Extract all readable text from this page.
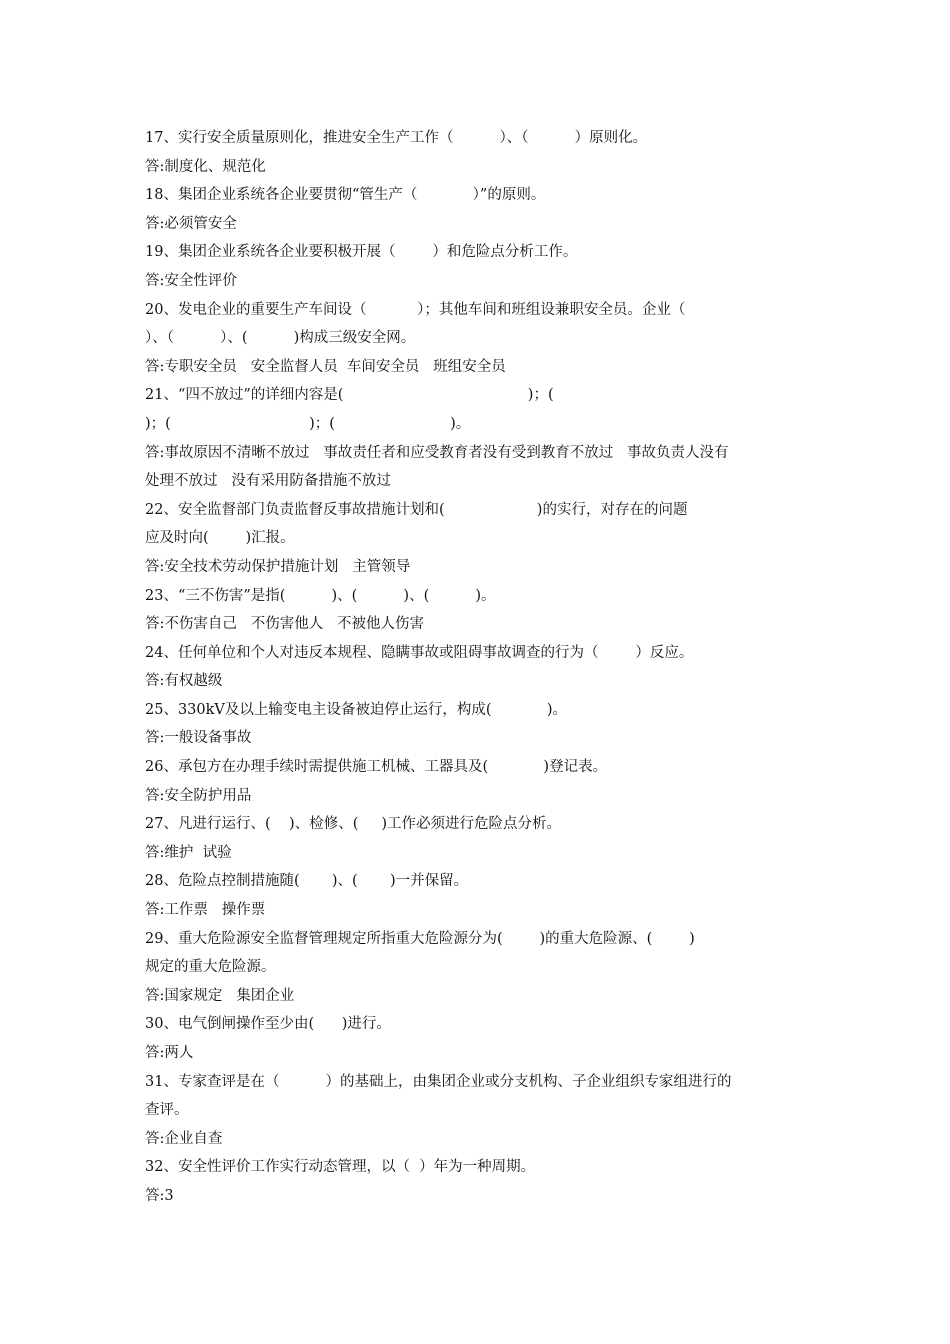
17、实行安全质量原则化，推进安全生产工作（          ）、（          ）原则化。
答:制度化、规范化
18、集团企业系统各企业要贯彻“管生产（            ）”的原则。
答:必须管安全
19、集团企业系统各企业要积极开展（        ）和危险点分析工作。
答:安全性评价
20、发电企业的重要生产车间设（           ）；其他车间和班组设兼职安全员。企业（
）、（          ）、(          )构成三级安全网。
答:专职安全员   安全监督人员  车间安全员   班组安全员
21、“四不放过”的详细内容是(                                        )；(
)；(                              )；(                         )。
答:事故原因不清晰不放过   事故责任者和应受教育者没有受到教育不放过   事故负责人没有
处理不放过   没有采用防备措施不放过
22、安全监督部门负责监督反事故措施计划和(                    )的实行，对存在的问题
应及时向(        )汇报。
答:安全技术劳动保护措施计划   主管领导
23、“三不伤害”是指(          )、(          )、(          )。
答:不伤害自己   不伤害他人   不被他人伤害
24、任何单位和个人对违反本规程、隐瞒事故或阻碍事故调查的行为（        ）反应。
答:有权越级
25、330kV及以上输变电主设备被迫停止运行，构成(            )。
答:一般设备事故
26、承包方在办理手续时需提供施工机械、工器具及(            )登记表。
答:安全防护用品
27、凡进行运行、(    )、检修、(     )工作必须进行危险点分析。
答:维护  试验
28、危险点控制措施随(       )、(       )一并保留。
答:工作票   操作票
29、重大危险源安全监督管理规定所指重大危险源分为(        )的重大危险源、(        )
规定的重大危险源。
答:国家规定   集团企业
30、电气倒闸操作至少由(      )进行。
答:两人
31、专家查评是在（          ）的基础上，由集团企业或分支机构、子企业组织专家组进行的
查评。
答:企业自查
32、安全性评价工作实行动态管理，以（  ）年为一种周期。
答:3
